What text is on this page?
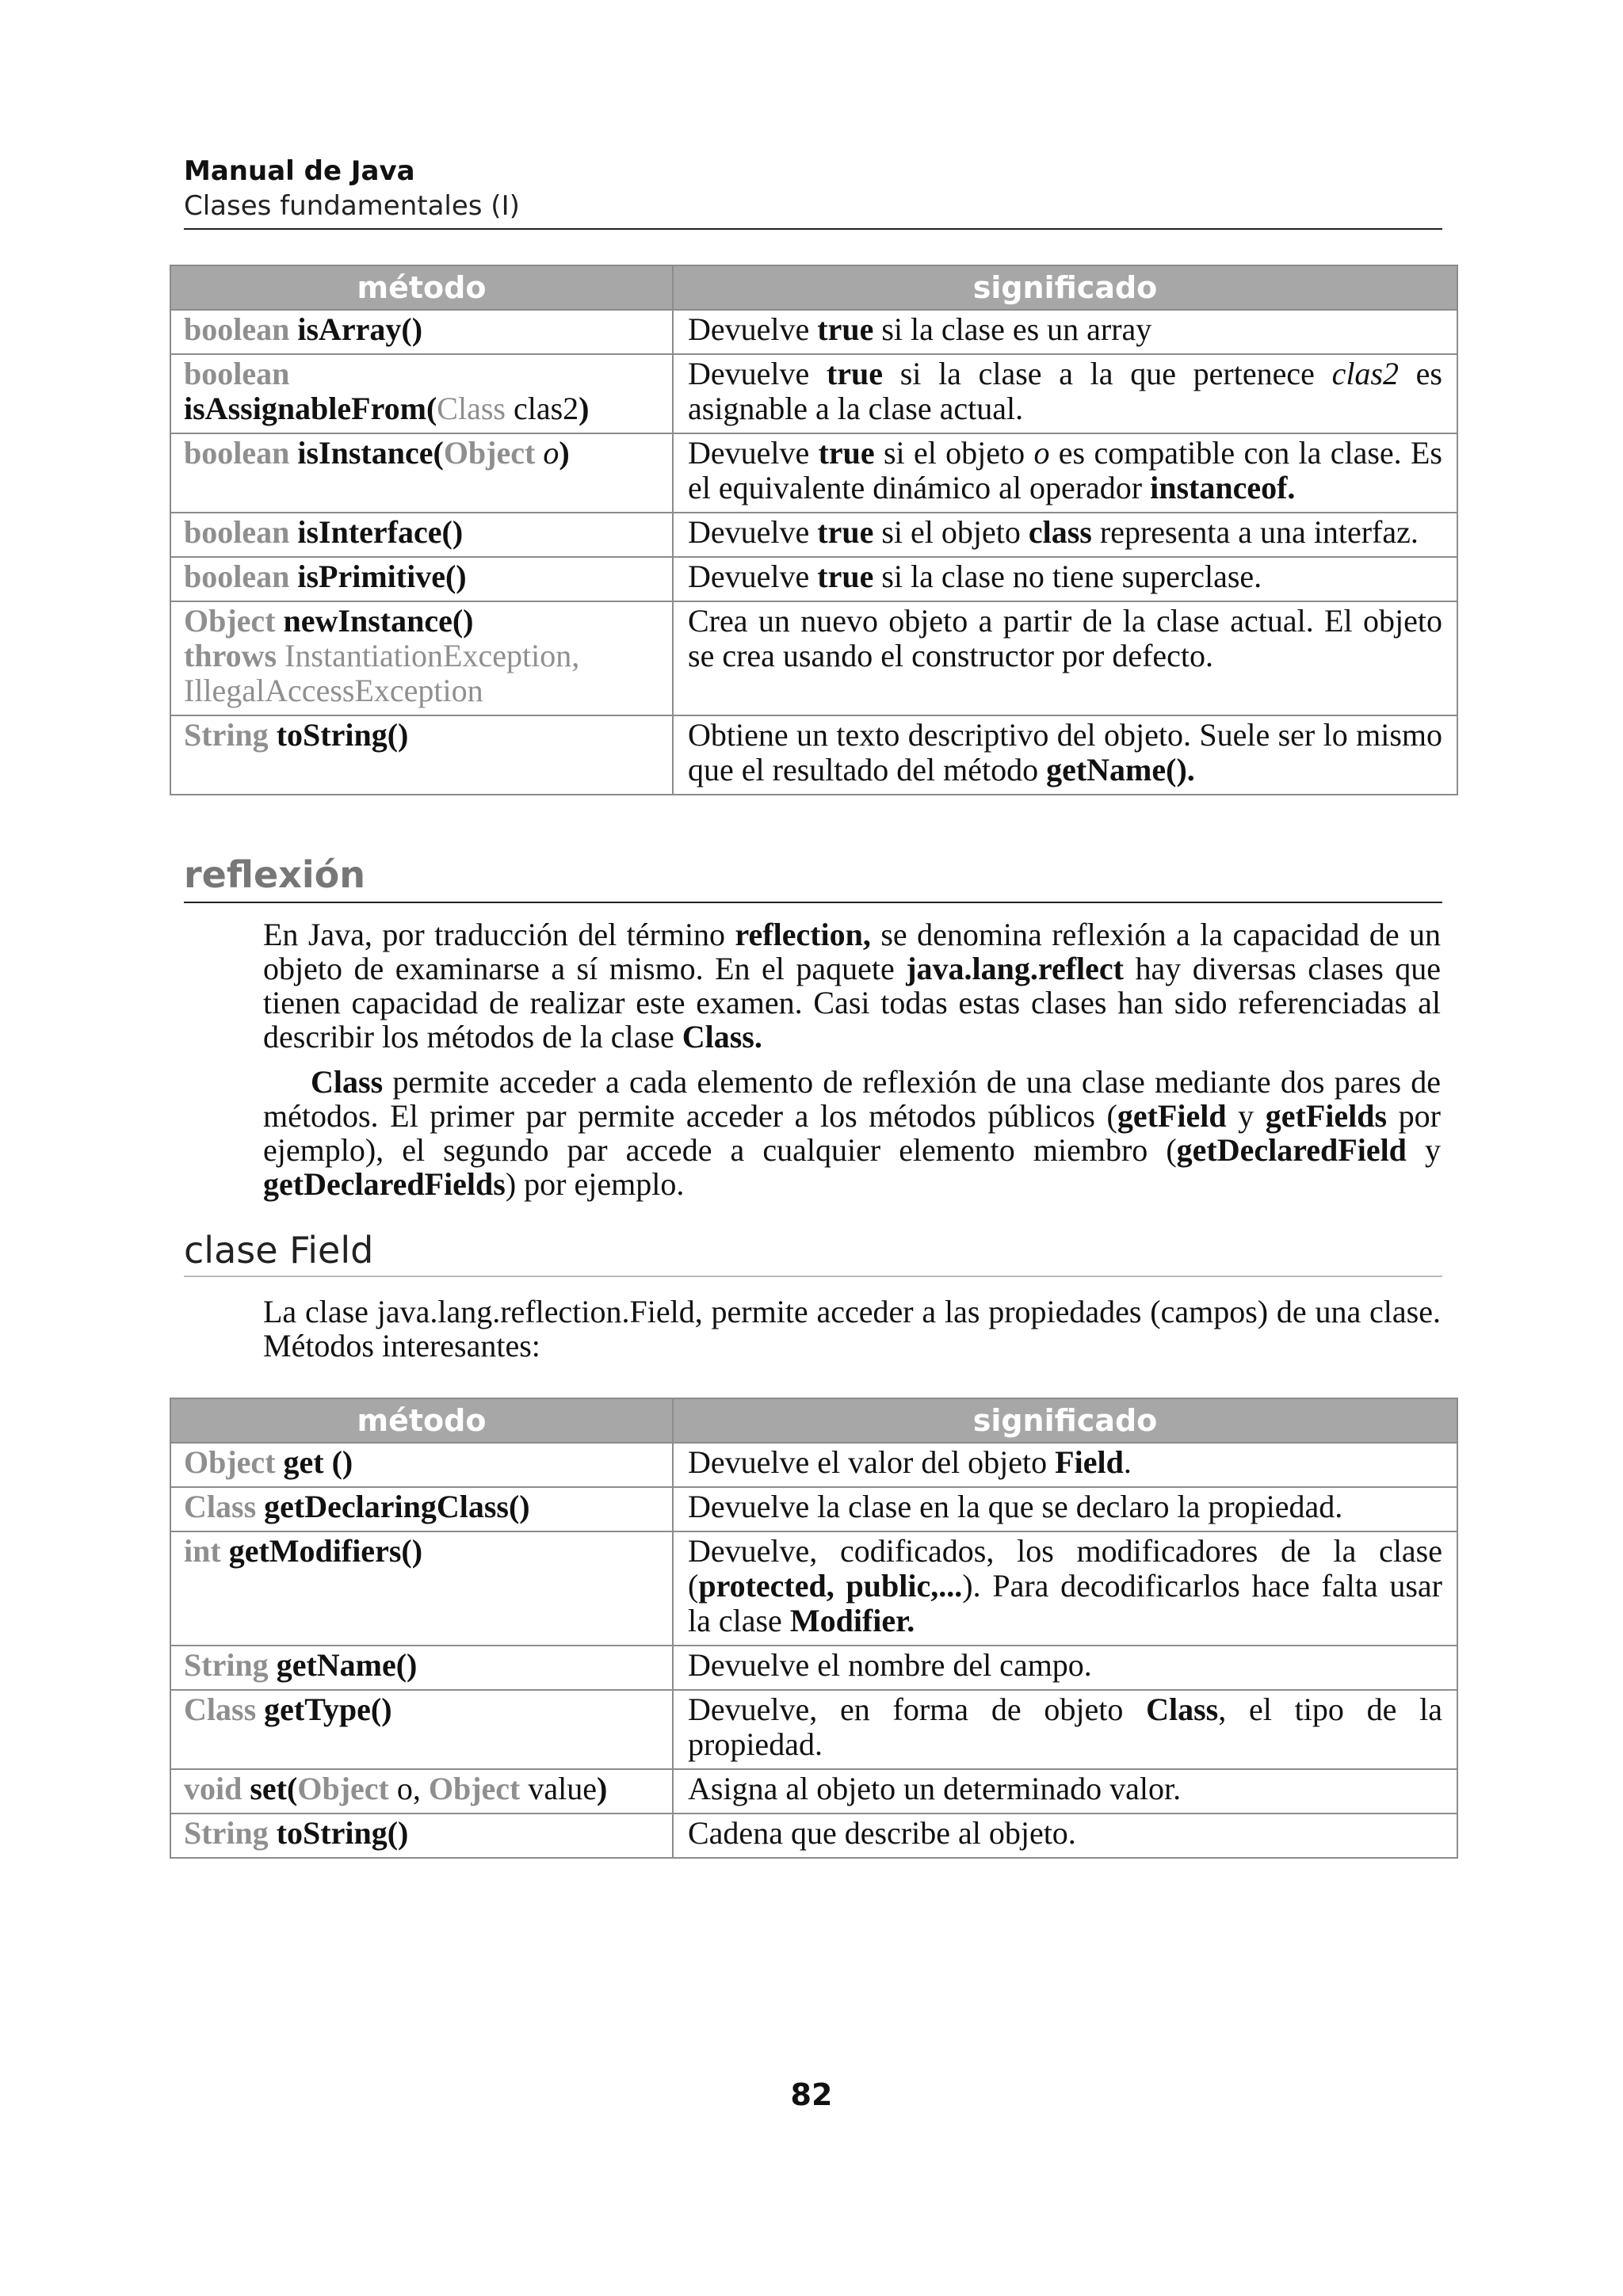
Manual de Java
Clases fundamentales (I)
método	significado
boolean isArray()	Devuelve true si la clase es un array
boolean
isAssignableFrom(Class clas2)	Devuelve true si la clase a la que pertenece clas2 es asignable a la clase actual.
boolean isInstance(Object o)	Devuelve true si el objeto o es compatible con la clase. Es el equivalente dinámico al operador instanceof.
boolean isInterface()	Devuelve true si el objeto class representa a una interfaz.
boolean isPrimitive()	Devuelve true si la clase no tiene superclase.
Object newInstance()
throws InstantiationException,
IllegalAccessException	Crea un nuevo objeto a partir de la clase actual. El objeto se crea usando el constructor por defecto.
String toString()	Obtiene un texto descriptivo del objeto. Suele ser lo mismo que el resultado del método getName().
reflexión
En Java, por traducción del término reflection, se denomina reflexión a la capacidad de un objeto de examinarse a sí mismo. En el paquete java.lang.reflect hay diversas clases que tienen capacidad de realizar este examen. Casi todas estas clases han sido referenciadas al describir los métodos de la clase Class.
Class permite acceder a cada elemento de reflexión de una clase mediante dos pares de métodos. El primer par permite acceder a los métodos públicos (getField y getFields por ejemplo), el segundo par accede a cualquier elemento miembro (getDeclaredField y getDeclaredFields) por ejemplo.
clase Field
La clase java.lang.reflection.Field, permite acceder a las propiedades (campos) de una clase. Métodos interesantes:
método	significado
Object get ()	Devuelve el valor del objeto Field.
Class getDeclaringClass()	Devuelve la clase en la que se declaro la propiedad.
int getModifiers()	Devuelve, codificados, los modificadores de la clase (protected, public,...). Para decodificarlos hace falta usar la clase Modifier.
String getName()	Devuelve el nombre del campo.
Class getType()	Devuelve, en forma de objeto Class, el tipo de la propiedad.
void set(Object o, Object value)	Asigna al objeto un determinado valor.
String toString()	Cadena que describe al objeto.
82
